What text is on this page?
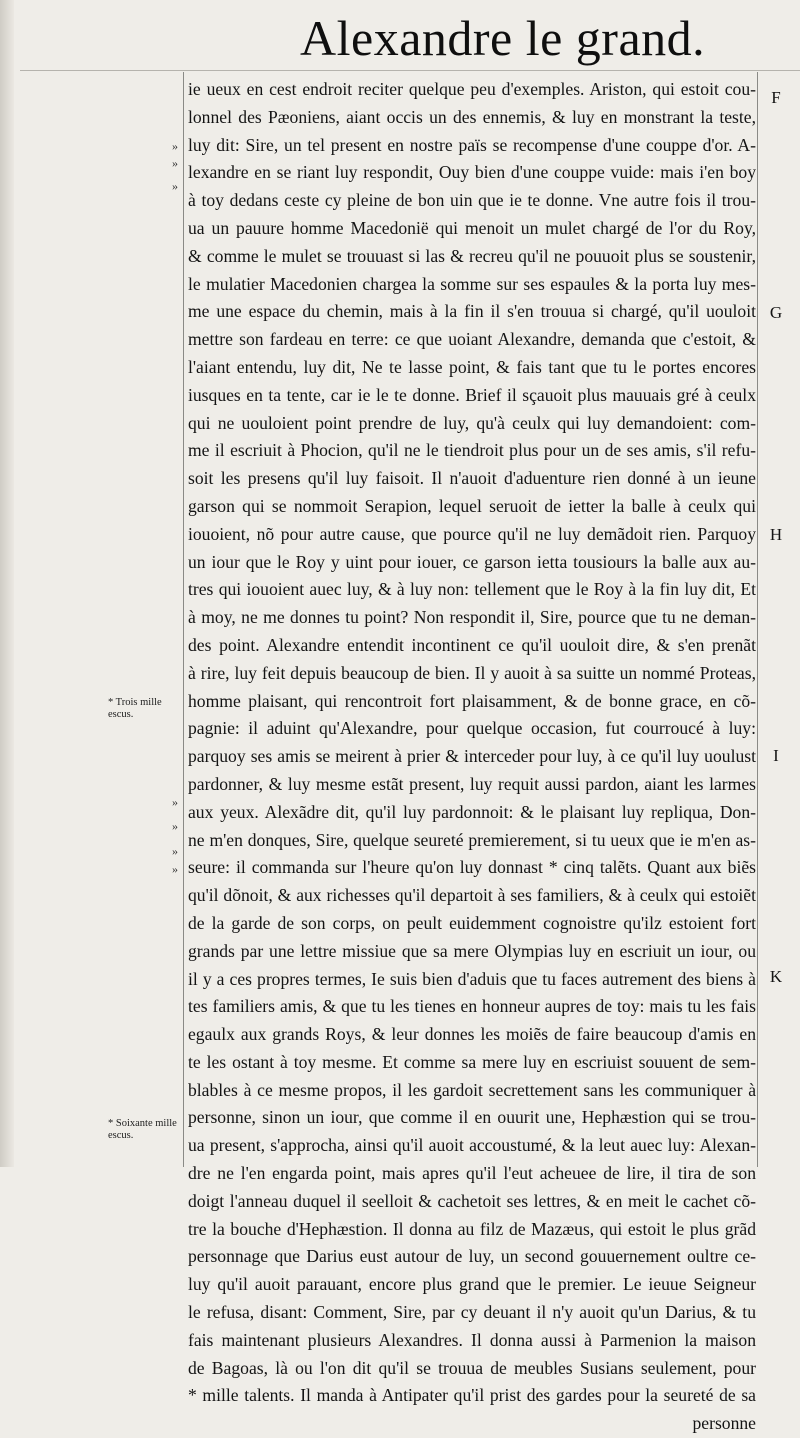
Alexandre le grand.
ie ueux en cest endroit reciter quelque peu d'exemples. Ariston, qui estoit cou-
lonnel des Pæoniens, aiant occis un des ennemis, & luy en monstrant la teste,
luy dit: Sire, un tel present en nostre païs se recompense d'une couppe d'or. A-
lexandre en se riant luy respondit, Ouy bien d'une couppe vuide: mais i'en boy
à toy dedans ceste cy pleine de bon uin que ie te donne. Vne autre fois il trou-
ua un pauure homme Macedonië qui menoit un mulet chargé de l'or du Roy,
& comme le mulet se trouuast si las & recreu qu'il ne pouuoit plus se soustenir,
le mulatier Macedonien chargea la somme sur ses espaules & la porta luy mes-
me une espace du chemin, mais à la fin il s'en trouua si chargé, qu'il uouloit
mettre son fardeau en terre: ce que uoiant Alexandre, demanda que c'estoit, &
l'aiant entendu, luy dit, Ne te lasse point, & fais tant que tu le portes encores
iusques en ta tente, car ie le te donne. Brief il sçauoit plus mauuais gré à ceulx
qui ne uouloient point prendre de luy, qu'à ceulx qui luy demandoient: com-
me il escriuit à Phocion, qu'il ne le tiendroit plus pour un de ses amis, s'il refu-
soit les presens qu'il luy faisoit. Il n'auoit d'aduenture rien donné à un ieune
garson qui se nommoit Serapion, lequel seruoit de ietter la balle à ceulx qui
iouoient, nõ pour autre cause, que pource qu'il ne luy demãdoit rien. Parquoy
un iour que le Roy y uint pour iouer, ce garson ietta tousiours la balle aux au-
tres qui iouoient auec luy, & à luy non: tellement que le Roy à la fin luy dit, Et
à moy, ne me donnes tu point? Non respondit il, Sire, pource que tu ne deman-
des point. Alexandre entendit incontinent ce qu'il uouloit dire, & s'en prenãt
à rire, luy feit depuis beaucoup de bien. Il y auoit à sa suitte un nommé Proteas,
homme plaisant, qui rencontroit fort plaisamment, & de bonne grace, en cõ-
pagnie: il aduint qu'Alexandre, pour quelque occasion, fut courroucé à luy:
parquoy ses amis se meirent à prier & interceder pour luy, à ce qu'il luy uoulust
pardonner, & luy mesme estãt present, luy requit aussi pardon, aiant les larmes
aux yeux. Alexãdre dit, qu'il luy pardonnoit: & le plaisant luy repliqua, Don-
ne m'en donques, Sire, quelque seureté premierement, si tu ueux que ie m'en as-
seure: il commanda sur l'heure qu'on luy donnast * cinq talẽts. Quant aux biẽs
qu'il dõnoit, & aux richesses qu'il departoit à ses familiers, & à ceulx qui estoiẽt
de la garde de son corps, on peult euidemment cognoistre qu'ilz estoient fort
grands par une lettre missiue que sa mere Olympias luy en escriuit un iour, ou
il y a ces propres termes, Ie suis bien d'aduis que tu faces autrement des biens à
tes familiers amis, & que tu les tienes en honneur aupres de toy: mais tu les fais
egaulx aux grands Roys, & leur donnes les moiẽs de faire beaucoup d'amis en
te les ostant à toy mesme. Et comme sa mere luy en escriuist souuent de sem-
blables à ce mesme propos, il les gardoit secrettement sans les communiquer à
personne, sinon un iour, que comme il en ouurit une, Hephæstion qui se trou-
ua present, s'approcha, ainsi qu'il auoit accoustumé, & la leut auec luy: Alexan-
dre ne l'en engarda point, mais apres qu'il l'eut acheuee de lire, il tira de son
doigt l'anneau duquel il seelloit & cachetoit ses lettres, & en meit le cachet cõ-
tre la bouche d'Hephæstion. Il donna au filz de Mazæus, qui estoit le plus grãd
personnage que Darius eust autour de luy, un second gouuernement oultre ce-
luy qu'il auoit parauant, encore plus grand que le premier. Le ieuue Seigneur
le refusa, disant: Comment, Sire, par cy deuant il n'y auoit qu'un Darius, & tu
fais maintenant plusieurs Alexandres. Il donna aussi à Parmenion la maison
de Bagoas, là ou l'on dit qu'il se trouua de meubles Susians seulement, pour
* mille talents. Il manda à Antipater qu'il prist des gardes pour la seureté de sa
personne
F
G
H
I
K
»
»
»
»
»
»
»
* Trois mille escus.
* Soixante mille escus.
